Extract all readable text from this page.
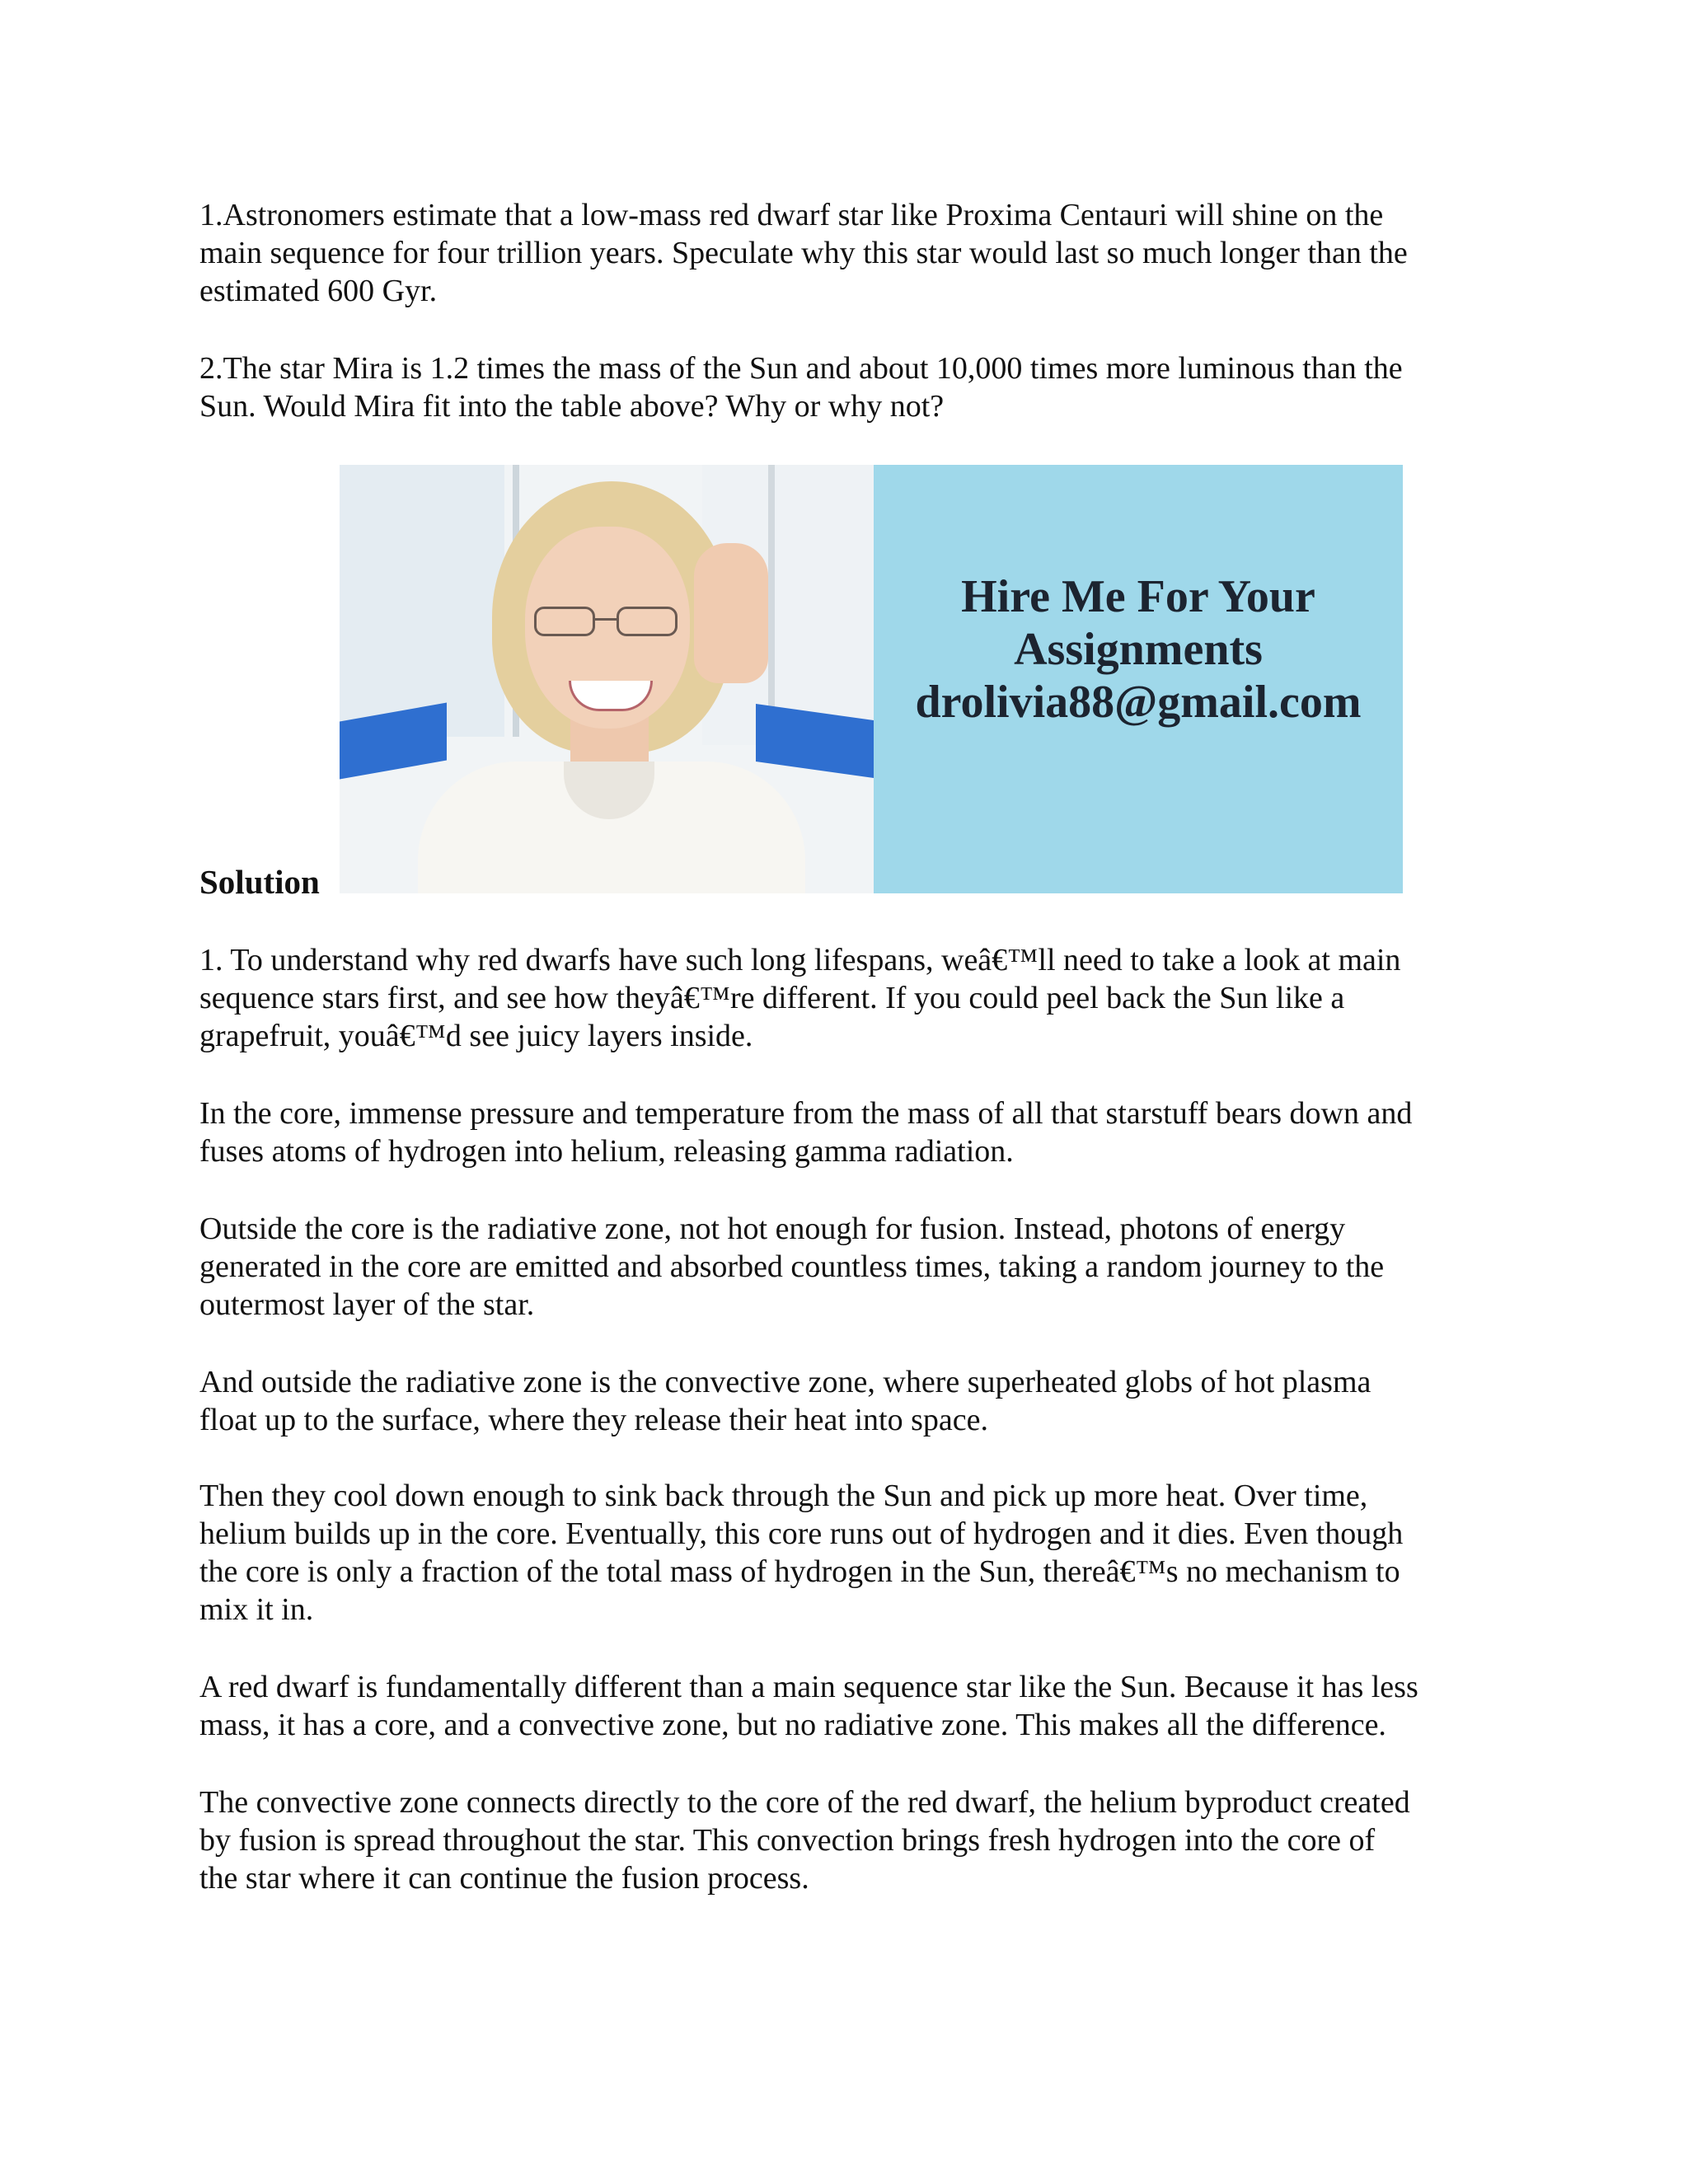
1.Astronomers estimate that a low-mass red dwarf star like Proxima Centauri will shine on the
main sequence for four trillion years. Speculate why this star would last so much longer than the
estimated 600 Gyr.

2.The star Mira is 1.2 times the mass of the Sun and about 10,000 times more luminous than the
Sun. Would Mira fit into the table above? Why or why not?

Hire Me For Your

Assignments

drolivia88@gmail.com

Solution

1. To understand why red dwarfs have such long lifespans, weâ€™ll need to take a look at main
sequence stars first, and see how theyâ€™re different. If you could peel back the Sun like a
grapefruit, youâ€™d see juicy layers inside.

In the core, immense pressure and temperature from the mass of all that starstuff bears down and
fuses atoms of hydrogen into helium, releasing gamma radiation.

Outside the core is the radiative zone, not hot enough for fusion. Instead, photons of energy
generated in the core are emitted and absorbed countless times, taking a random journey to the
outermost layer of the star.

And outside the radiative zone is the convective zone, where superheated globs of hot plasma
float up to the surface, where they release their heat into space.

Then they cool down enough to sink back through the Sun and pick up more heat. Over time,
helium builds up in the core. Eventually, this core runs out of hydrogen and it dies. Even though
the core is only a fraction of the total mass of hydrogen in the Sun, thereâ€™s no mechanism to
mix it in.

A red dwarf is fundamentally different than a main sequence star like the Sun. Because it has less
mass, it has a core, and a convective zone, but no radiative zone. This makes all the difference.

The convective zone connects directly to the core of the red dwarf, the helium byproduct created
by fusion is spread throughout the star. This convection brings fresh hydrogen into the core of
the star where it can continue the fusion process.
